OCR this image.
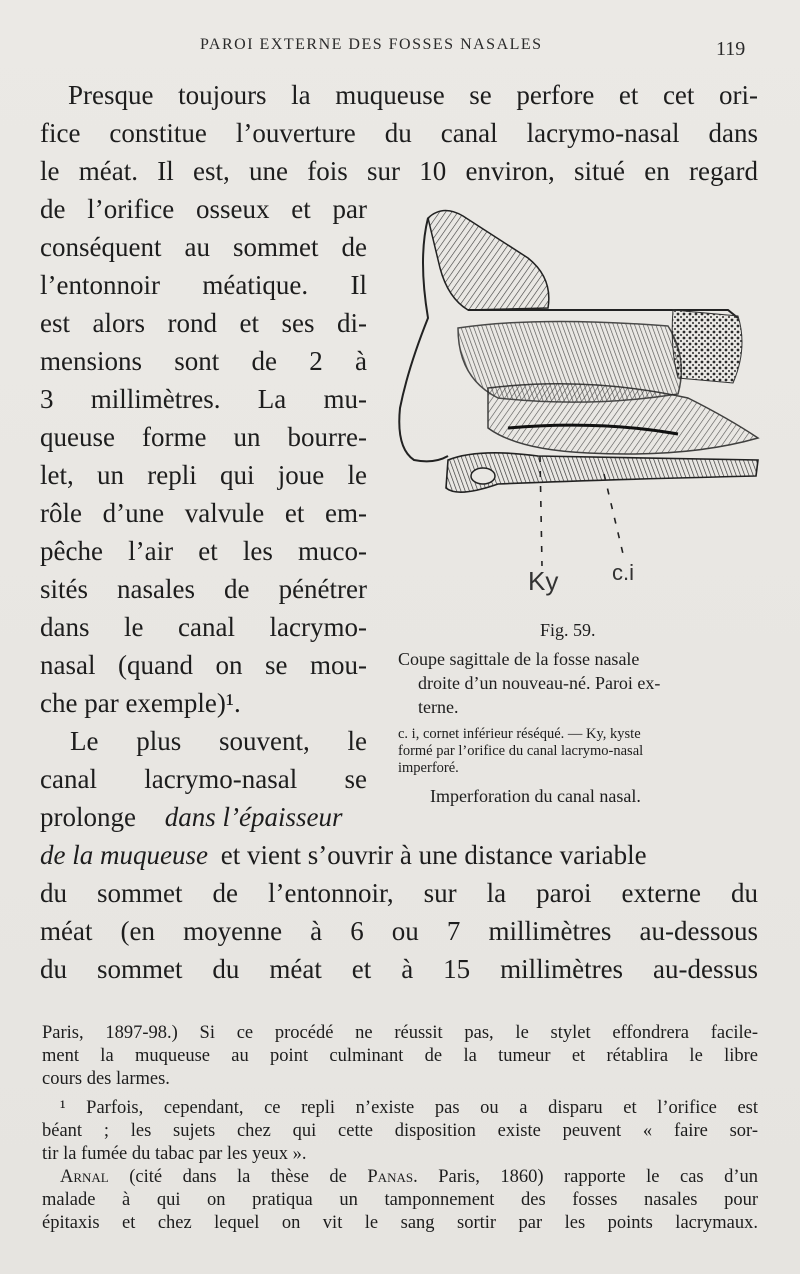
PAROI EXTERNE DES FOSSES NASALES	119
Presque toujours la muqueuse se perfore et cet ori-
fice constitue l’ouverture du canal lacrymo-nasal dans
le méat. Il est, une fois sur 10 environ, situé en regard
de l’orifice osseux et par
conséquent au sommet de
l’entonnoir méatique. Il
est alors rond et ses di-
mensions sont de 2 à
3 millimètres. La mu-
queuse forme un bourre-
let, un repli qui joue le
rôle d’une valvule et em-
pêche l’air et les muco-
sités nasales de pénétrer
dans le canal lacrymo-
nasal (quand on se mou-
che par exemple)¹.
Le plus souvent, le
canal lacrymo-nasal se
prolonge dans l’épaisseur
de la muqueuse et vient s’ouvrir à une distance variable
du sommet de l’entonnoir, sur la paroi externe du
méat (en moyenne à 6 ou 7 millimètres au-dessous
du sommet du méat et à 15 millimètres au-dessus
Ky c.i
Fig. 59.
Coupe sagittale de la fosse nasale
droite d’un nouveau-né. Paroi ex-
terne.
c. i, cornet inférieur réséqué. — Ky, kyste
formé par l’orifice du canal lacrymo-nasal
imperforé.
Imperforation du canal nasal.
Paris, 1897-98.) Si ce procédé ne réussit pas, le stylet effondrera facile-
ment la muqueuse au point culminant de la tumeur et rétablira le libre
cours des larmes.
¹ Parfois, cependant, ce repli n’existe pas ou a disparu et l’orifice est
béant ; les sujets chez qui cette disposition existe peuvent « faire sor-
tir la fumée du tabac par les yeux ».
Arnal (cité dans la thèse de Panas. Paris, 1860) rapporte le cas d’un
malade à qui on pratiqua un tamponnement des fosses nasales pour
épitaxis et chez lequel on vit le sang sortir par les points lacrymaux.
